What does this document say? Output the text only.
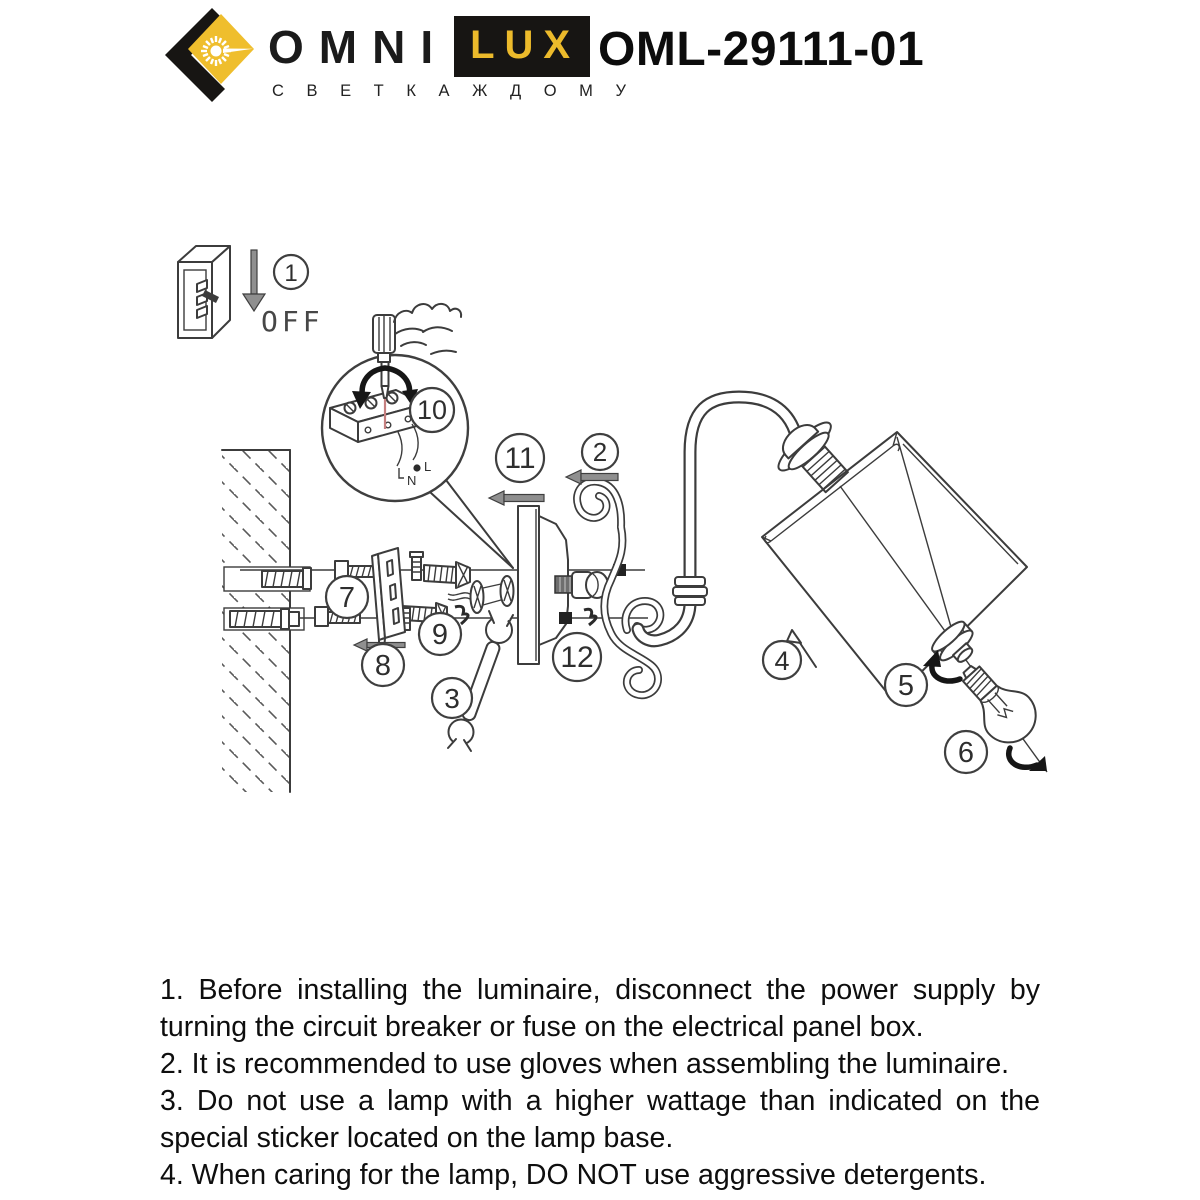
OMNI LUX
С В Е Т К А Ж Д О М У
OML-29111-01
OFF
L
N
1
2
3
4
5
6
7
8
9
10
11
12

1. Before installing the luminaire, disconnect the power supply by
turning the circuit breaker or fuse on the electrical panel box.

2. It is recommended to use gloves when assembling the luminaire.

3. Do not use a lamp with a higher wattage than indicated on the
special sticker located on the lamp base.

4. When caring for the lamp, DO NOT use aggressive detergents.
